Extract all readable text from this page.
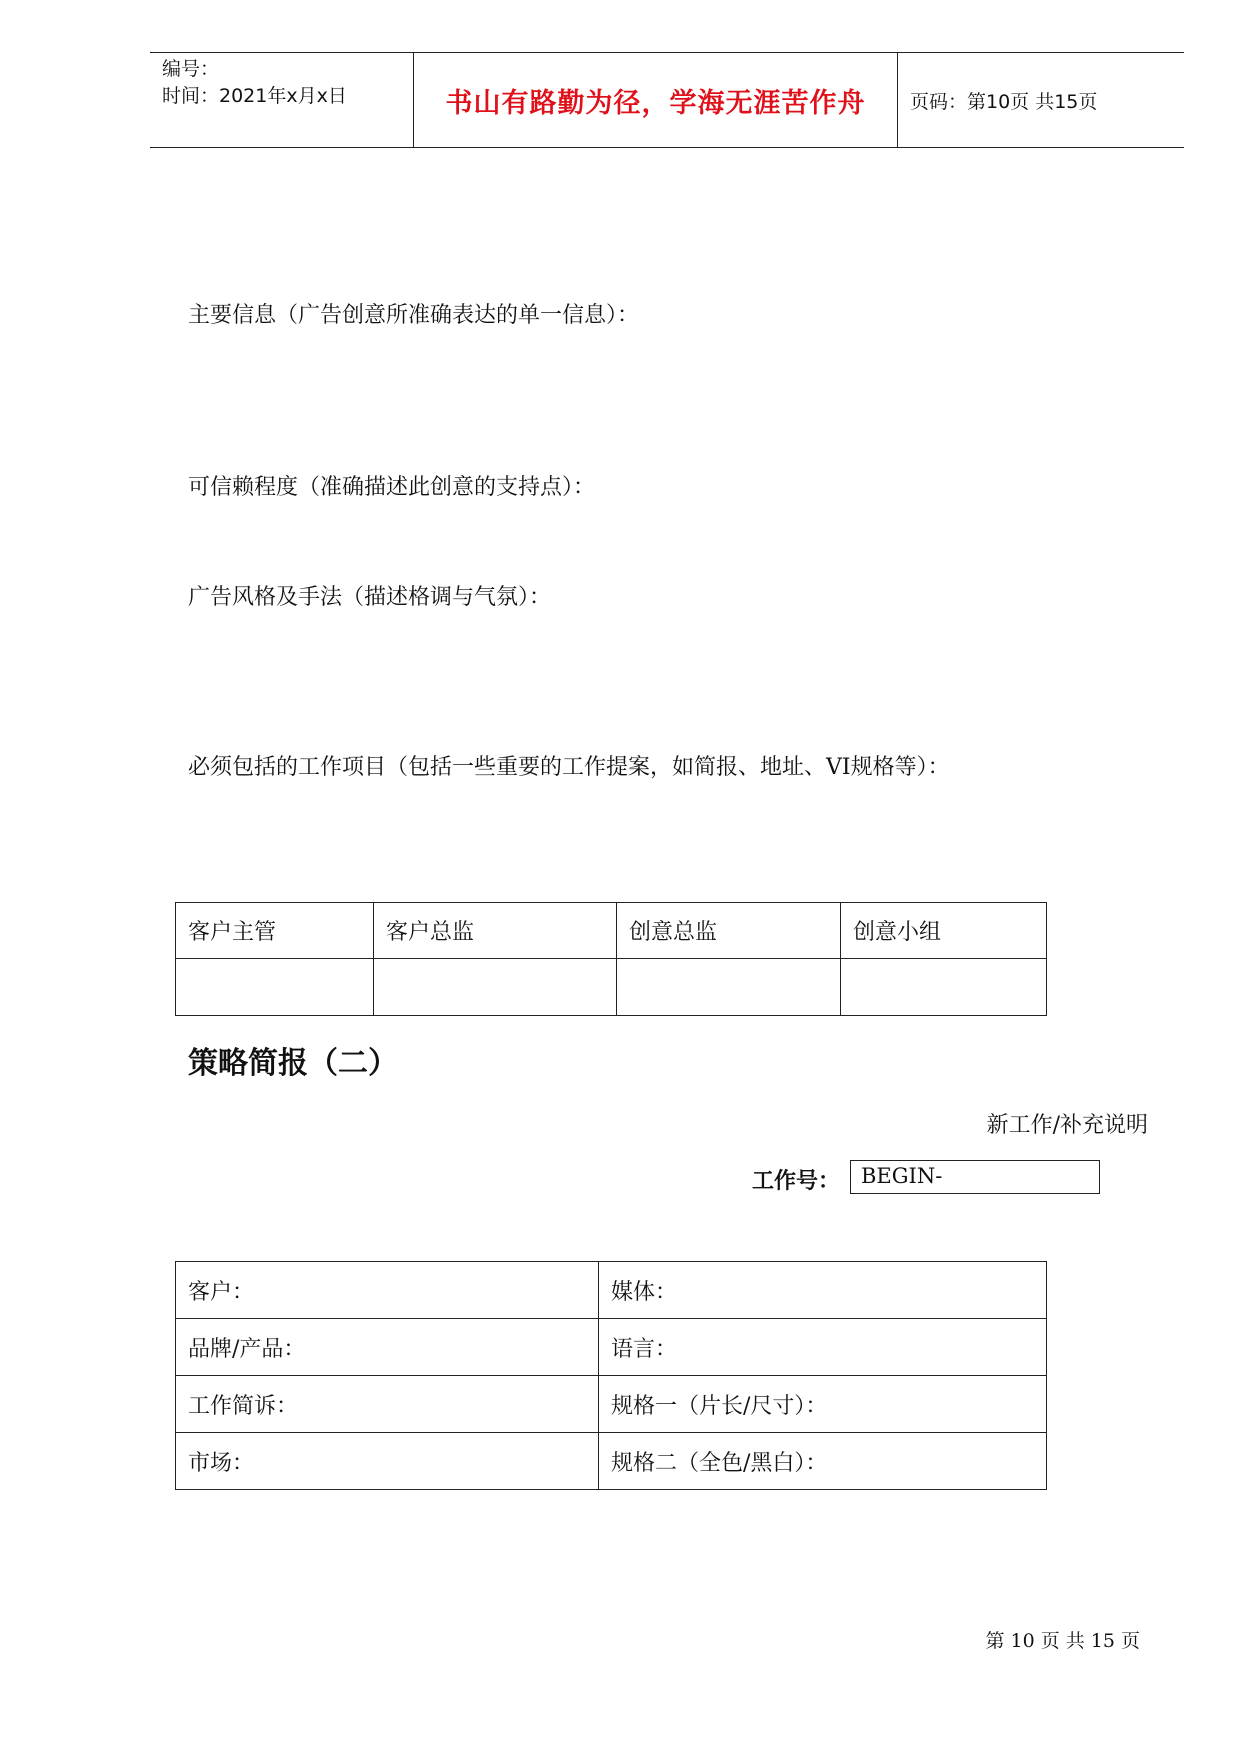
编号：
时间：2021年x月x日	书山有路勤为径，学海无涯苦作舟	页码：第10页 共15页
主要信息（广告创意所准确表达的单一信息）：
可信赖程度（准确描述此创意的支持点）：
广告风格及手法（描述格调与气氛）：
必须包括的工作项目（包括一些重要的工作提案，如简报、地址、VI规格等）：
客户主管	客户总监	创意总监	创意小组

策略简报（二）
新工作/补充说明
工作号： BEGIN-
客户：	媒体：
品牌/产品：	语言：
工作简诉：	规格一（片长/尺寸）：
市场：	规格二（全色/黑白）：
第 10 页 共 15 页
